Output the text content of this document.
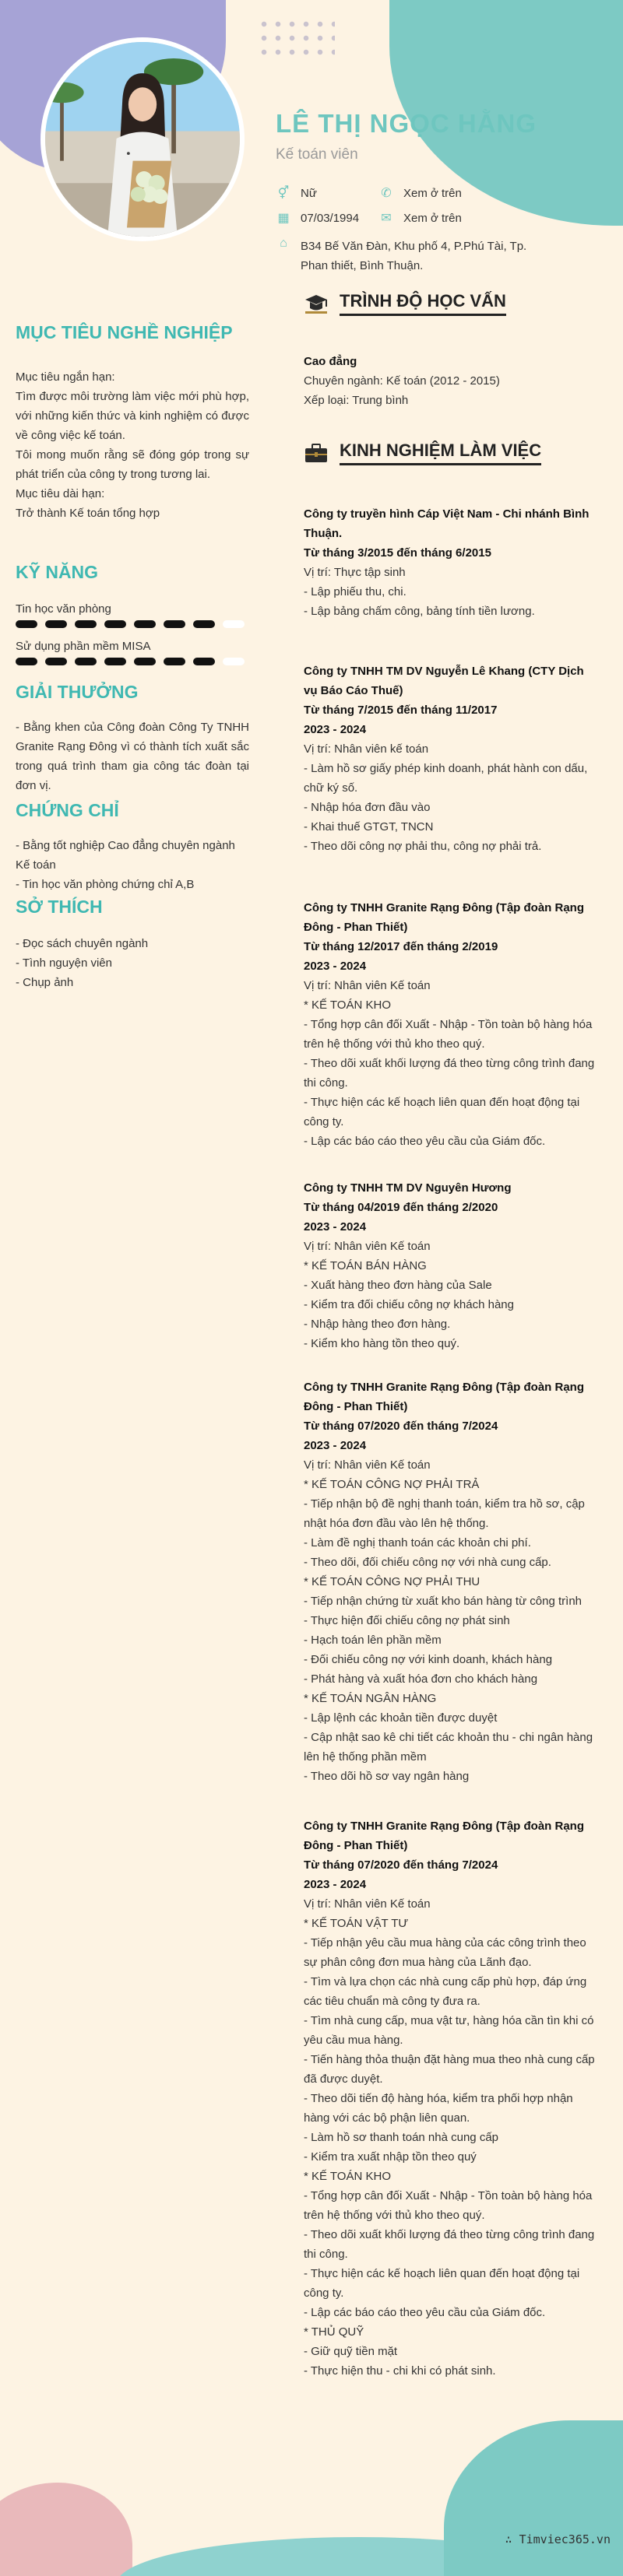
LÊ THỊ NGỌC HẰNG
Kế toán viên
⚥ Nữ	✆ Xem ở trên
▦ 07/03/1994 ✉ Xem ở trên
⌂	B34 Bế Văn Đàn, Khu phố 4, P.Phú Tài, Tp.
Phan thiết, Bình Thuận.
MỤC TIÊU NGHỀ NGHIỆP
Mục tiêu ngắn hạn:
Tìm được môi trường làm việc mới phù hợp, với những kiến thức và kinh nghiệm có được về công việc kế toán.
Tôi mong muốn rằng sẽ đóng góp trong sự phát triển của công ty trong tương lai.
Mục tiêu dài hạn:
Trở thành Kế toán tổng hợp
KỸ NĂNG
Tin học văn phòng
Sử dụng phần mềm MISA
GIẢI THƯỞNG
- Bằng khen của Công đoàn Công Ty TNHH Granite Rạng Đông vì có thành tích xuất sắc trong quá trình tham gia công tác đoàn tại đơn vị.
CHỨNG CHỈ
- Bằng tốt nghiệp Cao đẳng chuyên ngành Kế toán
- Tin học văn phòng chứng chỉ A,B
SỞ THÍCH
- Đọc sách chuyên ngành
- Tình nguyện viên
- Chụp ảnh
TRÌNH ĐỘ HỌC VẤN
Cao đẳng
Chuyên ngành: Kế toán (2012 - 2015)
Xếp loại: Trung bình
KINH NGHIỆM LÀM VIỆC
Công ty truyền hình Cáp Việt Nam - Chi nhánh Bình Thuận.
Từ tháng 3/2015 đến tháng 6/2015
Vị trí: Thực tập sinh
- Lập phiếu thu, chi.
- Lập bảng chấm công, bảng tính tiền lương.
Công ty TNHH TM DV Nguyễn Lê Khang (CTY Dịch vụ Báo Cáo Thuế)
Từ tháng 7/2015 đến tháng 11/2017
2023 - 2024
Vị trí: Nhân viên kế toán
- Làm hồ sơ giấy phép kinh doanh, phát hành con dấu, chữ ký số.
- Nhập hóa đơn đầu vào
- Khai thuế GTGT, TNCN
- Theo dõi công nợ phải thu, công nợ phải trả.
Công ty TNHH Granite Rạng Đông (Tập đoàn Rạng Đông - Phan Thiết)
Từ tháng 12/2017 đến tháng 2/2019
2023 - 2024
Vị trí: Nhân viên Kế toán
* KẾ TOÁN KHO
- Tổng hợp cân đối Xuất - Nhập - Tồn toàn bộ hàng hóa trên hệ thống với thủ kho theo quý.
- Theo dõi xuất khối lượng đá theo từng công trình đang thi công.
- Thực hiện các kế hoạch liên quan đến hoạt động tại công ty.
- Lập các báo cáo theo yêu cầu của Giám đốc.
Công ty TNHH TM DV Nguyên Hương
Từ tháng 04/2019 đến tháng 2/2020
2023 - 2024
Vị trí: Nhân viên Kế toán
* KẾ TOÁN BÁN HÀNG
- Xuất hàng theo đơn hàng của Sale
- Kiểm tra đối chiếu công nợ khách hàng
- Nhập hàng theo đơn hàng.
- Kiểm kho hàng tồn theo quý.
Công ty TNHH Granite Rạng Đông (Tập đoàn Rạng Đông - Phan Thiết)
Từ tháng 07/2020 đến tháng 7/2024
2023 - 2024
Vị trí: Nhân viên Kế toán
* KẾ TOÁN CÔNG NỢ PHẢI TRẢ
- Tiếp nhận bộ đề nghị thanh toán, kiểm tra hồ sơ, cập nhật hóa đơn đầu vào lên hệ thống.
- Làm đề nghị thanh toán các khoản chi phí.
- Theo dõi, đối chiếu công nợ với nhà cung cấp.
* KẾ TOÁN CÔNG NỢ PHẢI THU
- Tiếp nhận chứng từ xuất kho bán hàng từ công trình
- Thực hiện đối chiếu công nợ phát sinh
- Hạch toán lên phần mềm
- Đối chiếu công nợ với kinh doanh, khách hàng
- Phát hàng và xuất hóa đơn cho khách hàng
* KẾ TOÁN NGÂN HÀNG
- Lập lệnh các khoản tiền được duyệt
- Cập nhật sao kê chi tiết các khoản thu - chi ngân hàng lên hệ thống phần mềm
- Theo dõi hồ sơ vay ngân hàng
Công ty TNHH Granite Rạng Đông (Tập đoàn Rạng Đông - Phan Thiết)
Từ tháng 07/2020 đến tháng 7/2024
2023 - 2024
Vị trí: Nhân viên Kế toán
* KẾ TOÁN VẬT TƯ
- Tiếp nhận yêu cầu mua hàng của các công trình theo sự phân công đơn mua hàng của Lãnh đạo.
- Tìm và lựa chọn các nhà cung cấp phù hợp, đáp ứng các tiêu chuẩn mà công ty đưa ra.
- Tìm nhà cung cấp, mua vật tư, hàng hóa cần tìn khi có yêu cầu mua hàng.
- Tiến hàng thỏa thuận đặt hàng mua theo nhà cung cấp đã được duyệt.
- Theo dõi tiến độ hàng hóa, kiểm tra phối hợp nhận hàng với các bộ phận liên quan.
- Làm hồ sơ thanh toán nhà cung cấp
- Kiểm tra xuất nhập tồn theo quý
* KẾ TOÁN KHO
- Tổng hợp cân đối Xuất - Nhập - Tồn toàn bộ hàng hóa trên hệ thống với thủ kho theo quý.
- Theo dõi xuất khối lượng đá theo từng công trình đang thi công.
- Thực hiện các kế hoạch liên quan đến hoạt động tại công ty.
- Lập các báo cáo theo yêu cầu của Giám đốc.
* THỦ QUỸ
- Giữ quỹ tiền mặt
- Thực hiện thu - chi khi có phát sinh.
∴ Timviec365.vn
